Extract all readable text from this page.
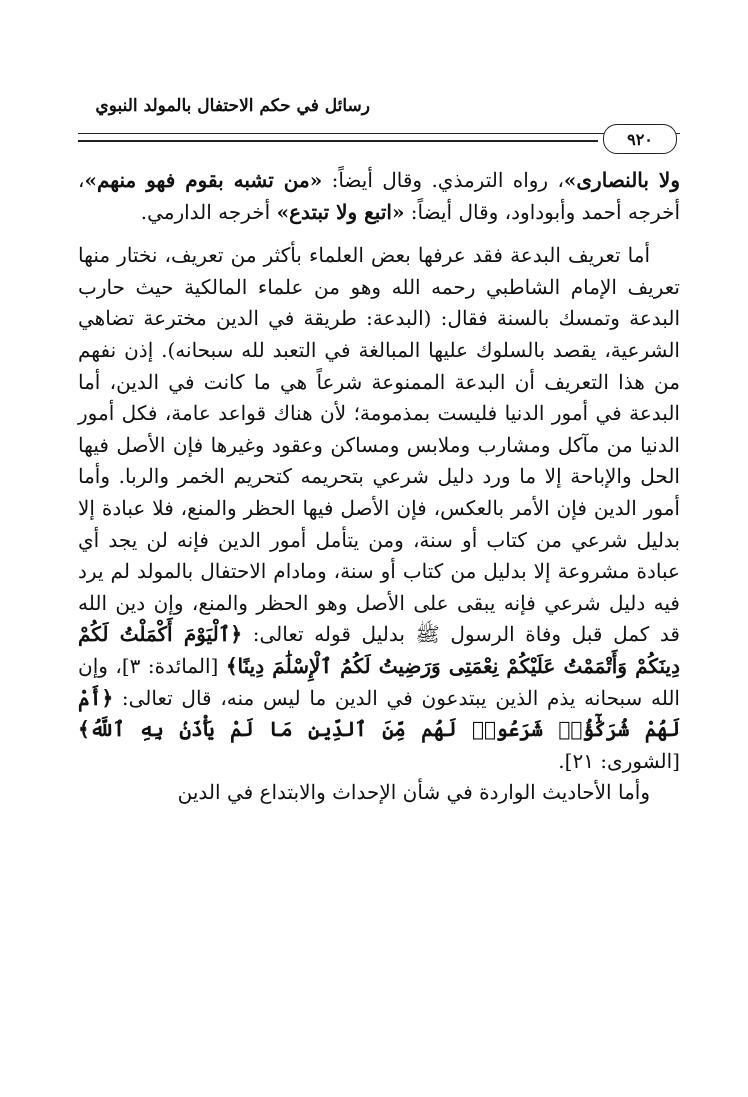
رسائل في حكم الاحتفال بالمولد النبوي
٩٢٠

ولا بالنصارى»، رواه الترمذي. وقال أيضاً: «من تشبه بقوم فهو منهم»، أخرجه أحمد وأبوداود، وقال أيضاً: «اتبع ولا تبتدع» أخرجه الدارمي.

أما تعريف البدعة فقد عرفها بعض العلماء بأكثر من تعريف، نختار منها تعريف الإمام الشاطبي رحمه الله وهو من علماء المالكية حيث حارب البدعة وتمسك بالسنة فقال: (البدعة: طريقة في الدين مخترعة تضاهي الشرعية، يقصد بالسلوك عليها المبالغة في التعبد لله سبحانه). إذن نفهم من هذا التعريف أن البدعة الممنوعة شرعاً هي ما كانت في الدين، أما البدعة في أمور الدنيا فليست بمذمومة؛ لأن هناك قواعد عامة، فكل أمور الدنيا من مآكل ومشارب وملابس ومساكن وعقود وغيرها فإن الأصل فيها الحل والإباحة إلا ما ورد دليل شرعي بتحريمه كتحريم الخمر والربا. وأما أمور الدين فإن الأمر بالعكس، فإن الأصل فيها الحظر والمنع، فلا عبادة إلا بدليل شرعي من كتاب أو سنة، ومن يتأمل أمور الدين فإنه لن يجد أي عبادة مشروعة إلا بدليل من كتاب أو سنة، ومادام الاحتفال بالمولد لم يرد فيه دليل شرعي فإنه يبقى على الأصل وهو الحظر والمنع، وإن دين الله قد كمل قبل وفاة الرسول ﷺ بدليل قوله تعالى: ﴿ٱلْيَوْمَ أَكْمَلْتُ لَكُمْ دِينَكُمْ وَأَتْمَمْتُ عَلَيْكُمْ نِعْمَتِى وَرَضِيتُ لَكُمُ ٱلْإِسْلَٰمَ دِينًا﴾ [المائدة: ٣]، وإن الله سبحانه يذم الذين يبتدعون في الدين ما ليس منه، قال تعالى: ﴿أَمْ لَهُمْ شُرَكَٰٓؤُا۟ شَرَعُوا۟ لَهُم مِّنَ ٱلدِّينِ مَا لَمْ يَأْذَنۢ بِهِ ٱللَّهُ﴾ [الشورى: ٢١].

وأما الأحاديث الواردة في شأن الإحداث والابتداع في الدين
